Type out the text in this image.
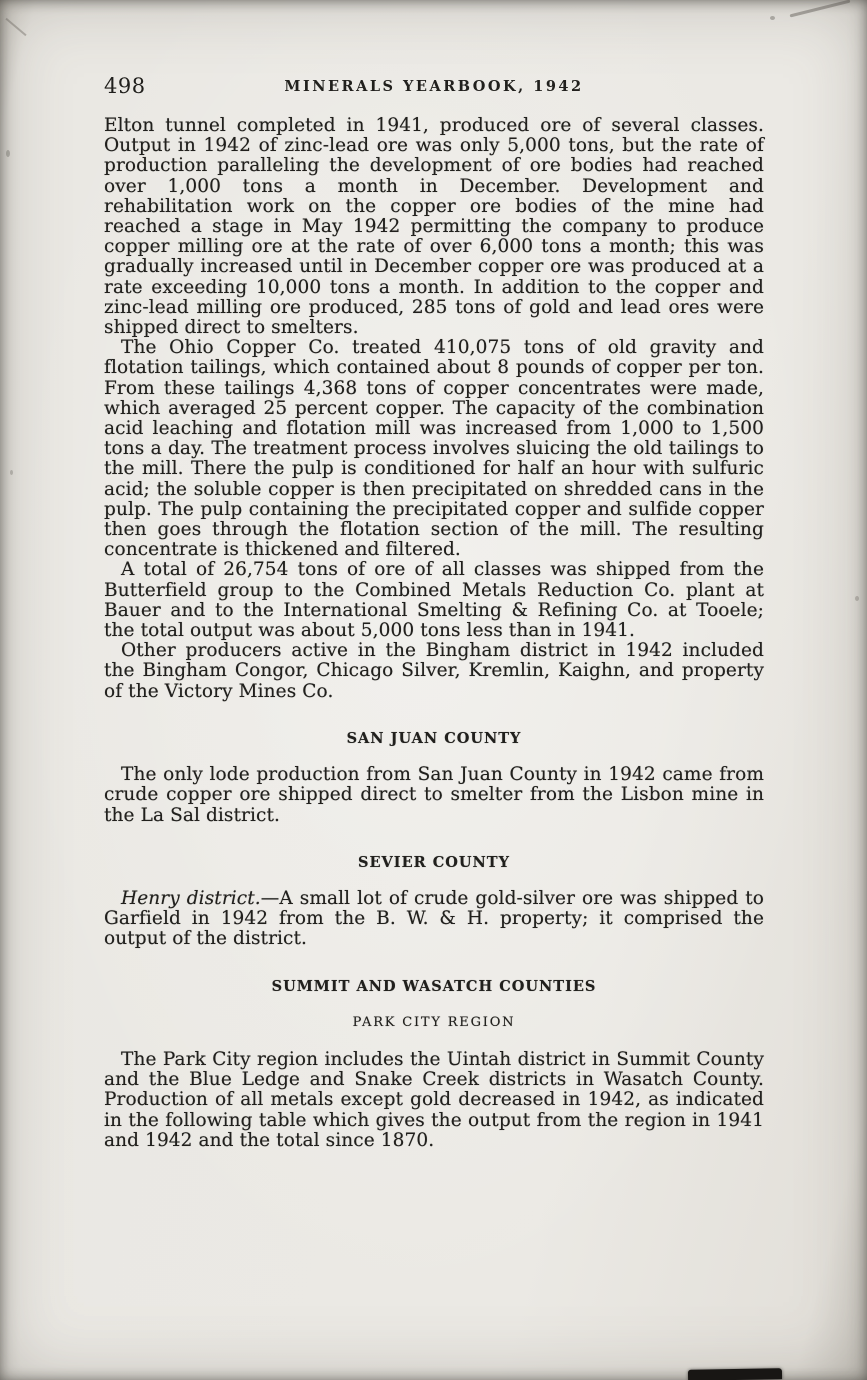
498	MINERALS YEARBOOK, 1942

Elton tunnel completed in 1941, produced ore of several classes. Output in 1942 of zinc-lead ore was only 5,000 tons, but the rate of production paralleling the development of ore bodies had reached over 1,000 tons a month in December. Development and rehabilitation work on the copper ore bodies of the mine had reached a stage in May 1942 permitting the company to produce copper milling ore at the rate of over 6,000 tons a month; this was gradually increased until in December copper ore was produced at a rate exceeding 10,000 tons a month. In addition to the copper and zinc-lead milling ore produced, 285 tons of gold and lead ores were shipped direct to smelters.

The Ohio Copper Co. treated 410,075 tons of old gravity and flotation tailings, which contained about 8 pounds of copper per ton. From these tailings 4,368 tons of copper concentrates were made, which averaged 25 percent copper. The capacity of the combination acid leaching and flotation mill was increased from 1,000 to 1,500 tons a day. The treatment process involves sluicing the old tailings to the mill. There the pulp is conditioned for half an hour with sulfuric acid; the soluble copper is then precipitated on shredded cans in the pulp. The pulp containing the precipitated copper and sulfide copper then goes through the flotation section of the mill. The resulting concentrate is thickened and filtered.

A total of 26,754 tons of ore of all classes was shipped from the Butterfield group to the Combined Metals Reduction Co. plant at Bauer and to the International Smelting & Refining Co. at Tooele; the total output was about 5,000 tons less than in 1941.

Other producers active in the Bingham district in 1942 included the Bingham Congor, Chicago Silver, Kremlin, Kaighn, and property of the Victory Mines Co.

SAN JUAN COUNTY

The only lode production from San Juan County in 1942 came from crude copper ore shipped direct to smelter from the Lisbon mine in the La Sal district.

SEVIER COUNTY

Henry district.—A small lot of crude gold-silver ore was shipped to Garfield in 1942 from the B. W. & H. property; it comprised the output of the district.

SUMMIT AND WASATCH COUNTIES
PARK CITY REGION

The Park City region includes the Uintah district in Summit County and the Blue Ledge and Snake Creek districts in Wasatch County. Production of all metals except gold decreased in 1942, as indicated in the following table which gives the output from the region in 1941 and 1942 and the total since 1870.
